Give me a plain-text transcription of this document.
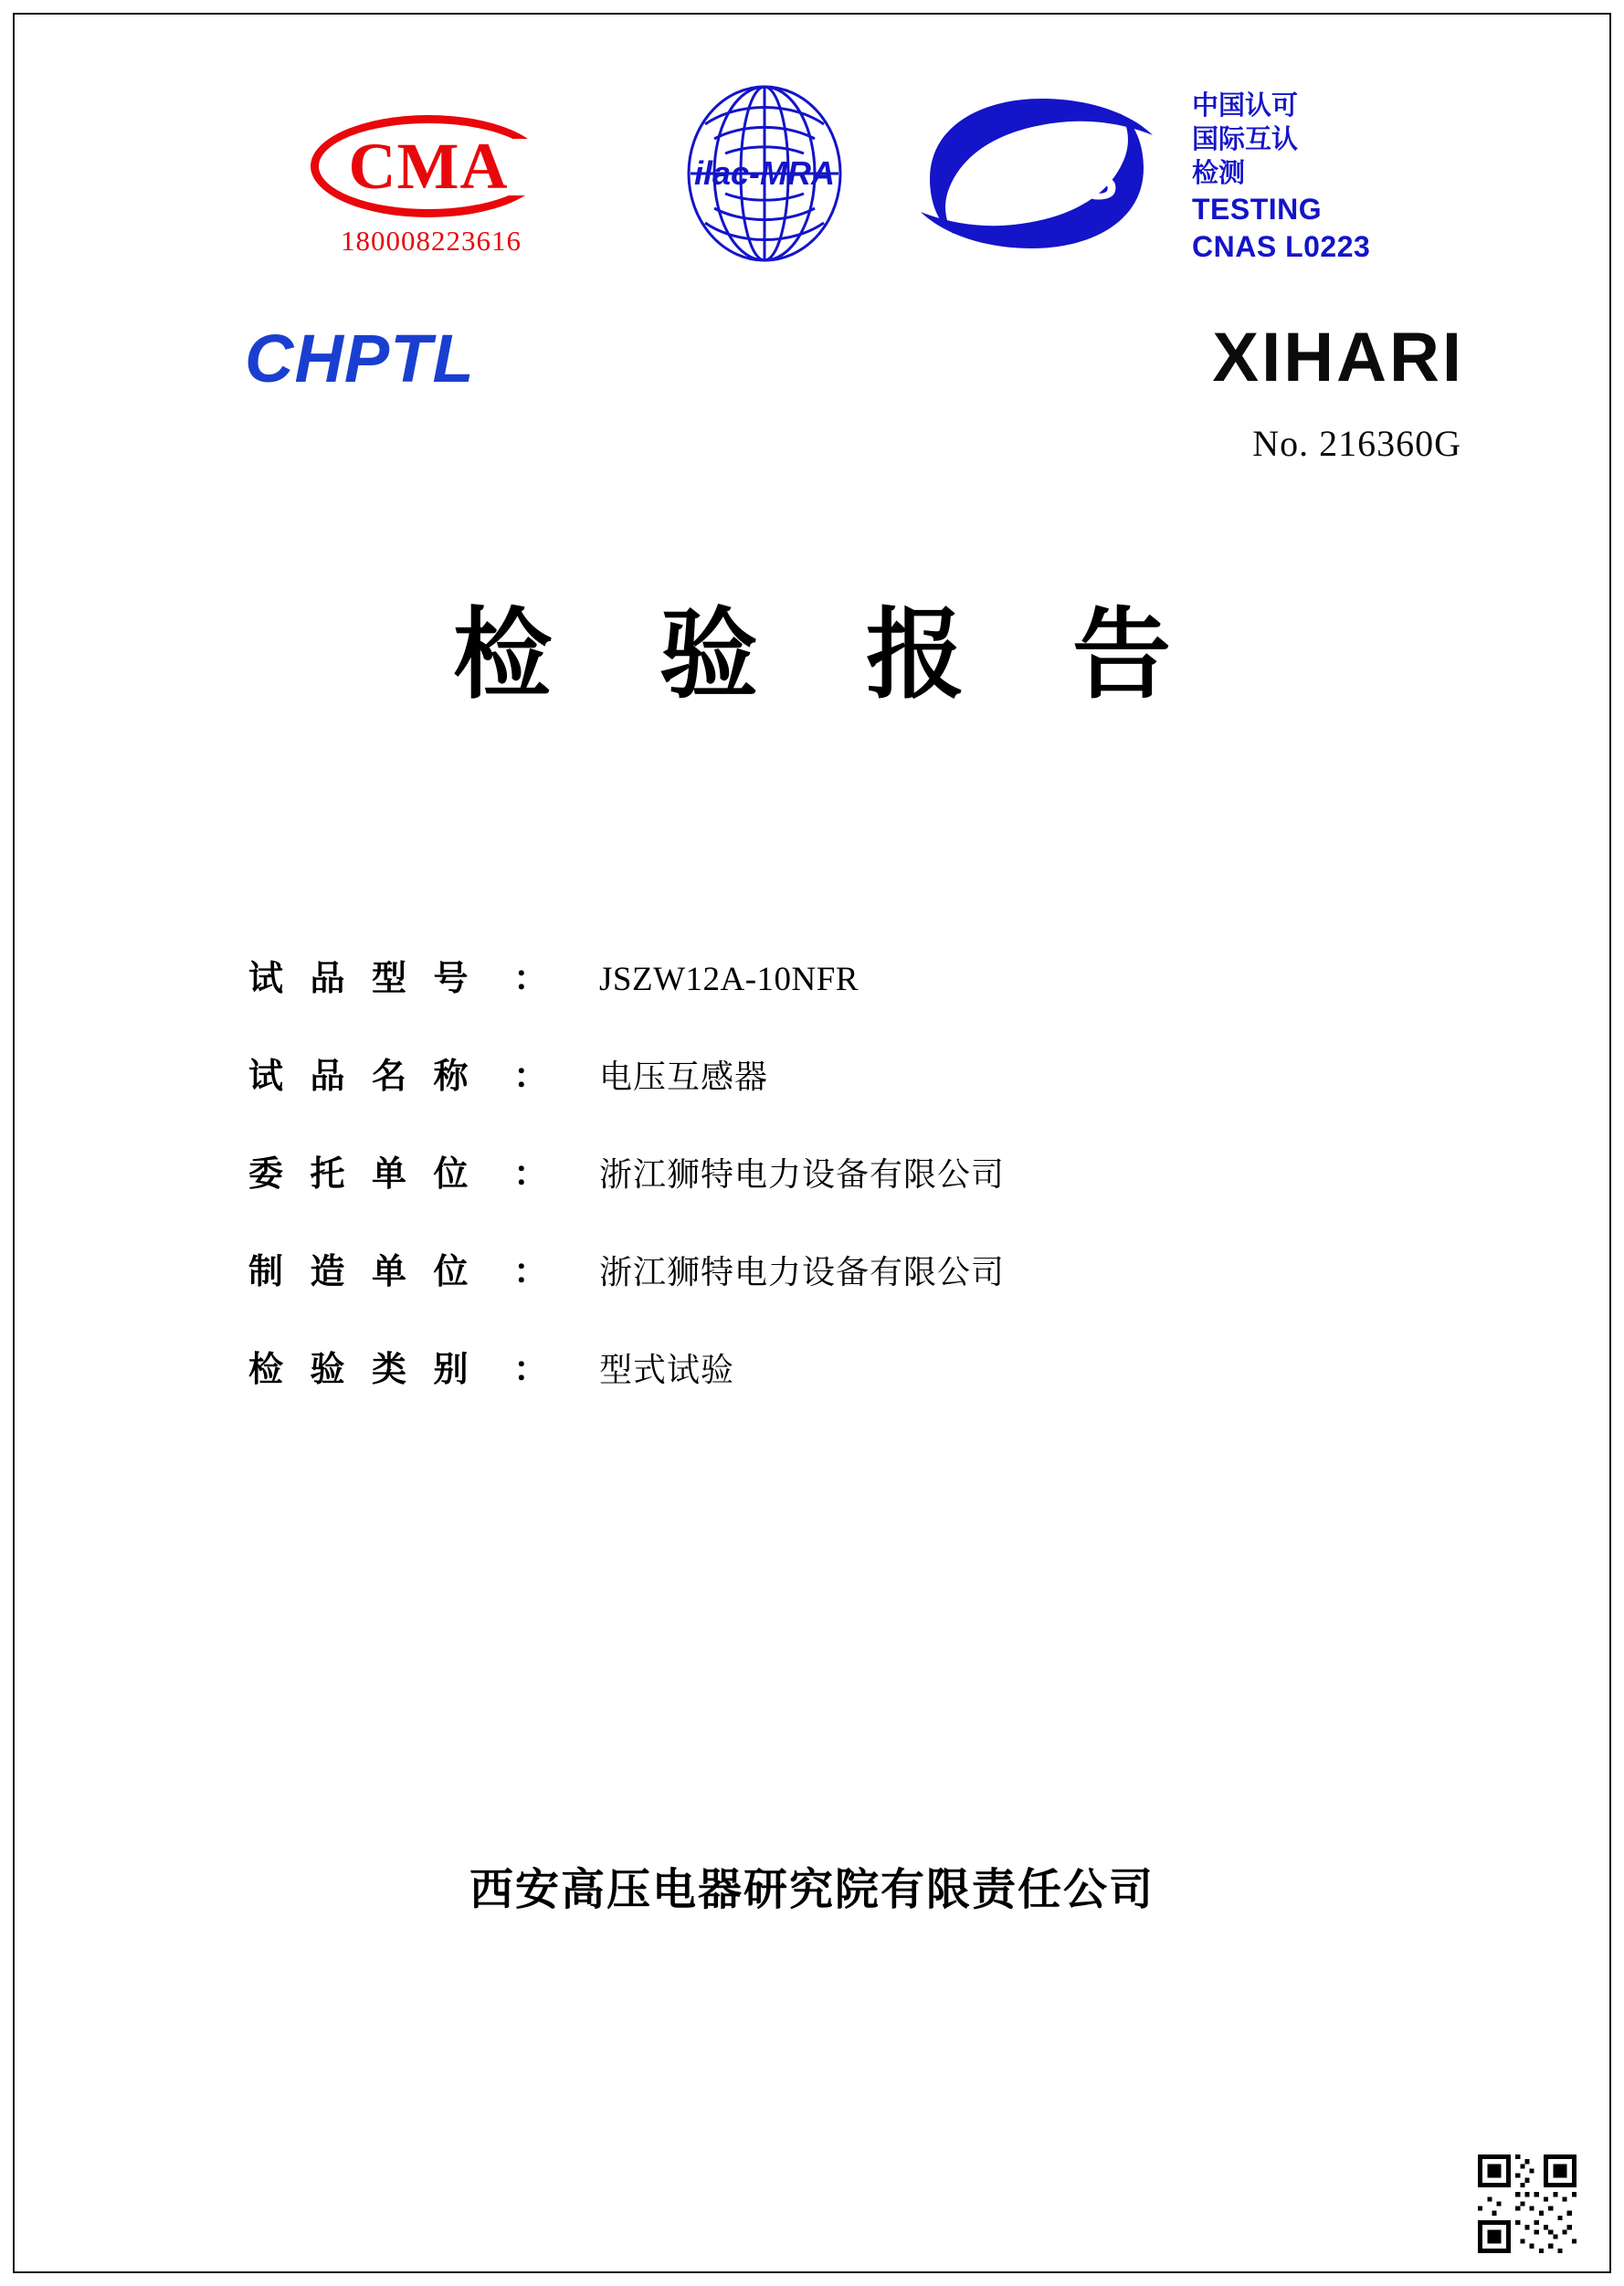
CMA
180008223616
ilac-MRA CNAS
中国认可
国际互认
检测
TESTING
CNAS L0223
CHPTL	XIHARI
No. 216360G
检 验 报 告
试 品 型 号	：	JSZW12A-10NFR
试 品 名 称	：	电压互感器
委 托 单 位	：	浙江狮特电力设备有限公司
制 造 单 位	：	浙江狮特电力设备有限公司
检 验 类 别	：	型式试验
西安高压电器研究院有限责任公司
